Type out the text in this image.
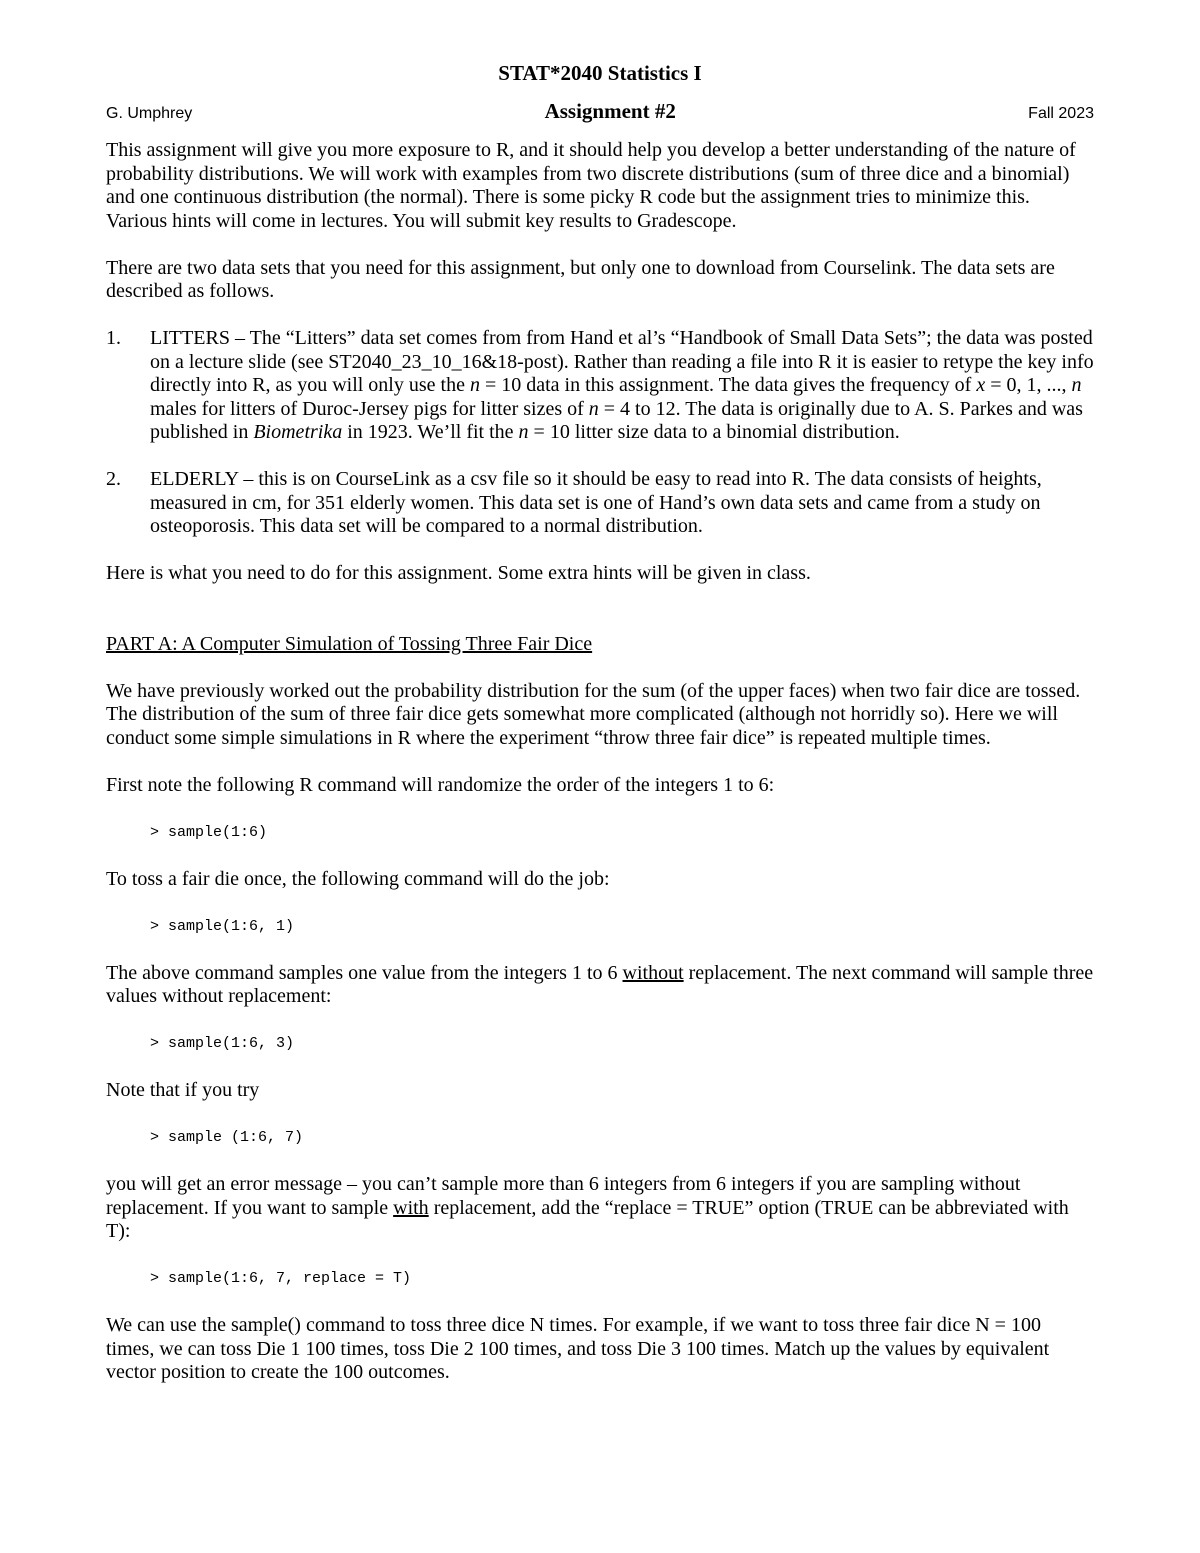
STAT*2040 Statistics I
G. Umphrey	Assignment #2	Fall 2023

This assignment will give you more exposure to R, and it should help you develop a better understanding of the nature of probability distributions. We will work with examples from two discrete distributions (sum of three dice and a binomial) and one continuous distribution (the normal). There is some picky R code but the assignment tries to minimize this. Various hints will come in lectures. You will submit key results to Gradescope.

There are two data sets that you need for this assignment, but only one to download from Courselink. The data sets are described as follows.

1.	LITTERS – The “Litters” data set comes from from Hand et al’s “Handbook of Small Data Sets”; the data was posted on a lecture slide (see ST2040_23_10_16&18-post). Rather than reading a file into R it is easier to retype the key info directly into R, as you will only use the n = 10 data in this assignment. The data gives the frequency of x = 0, 1, ..., n males for litters of Duroc-Jersey pigs for litter sizes of n = 4 to 12. The data is originally due to A. S. Parkes and was published in Biometrika in 1923. We’ll fit the n = 10 litter size data to a binomial distribution.
2.	ELDERLY – this is on CourseLink as a csv file so it should be easy to read into R. The data consists of heights, measured in cm, for 351 elderly women. This data set is one of Hand’s own data sets and came from a study on osteoporosis. This data set will be compared to a normal distribution.

Here is what you need to do for this assignment. Some extra hints will be given in class.

PART A: A Computer Simulation of Tossing Three Fair Dice

We have previously worked out the probability distribution for the sum (of the upper faces) when two fair dice are tossed. The distribution of the sum of three fair dice gets somewhat more complicated (although not horridly so). Here we will conduct some simple simulations in R where the experiment “throw three fair dice” is repeated multiple times.

First note the following R command will randomize the order of the integers 1 to 6:

> sample(1:6)

To toss a fair die once, the following command will do the job:

> sample(1:6, 1)

The above command samples one value from the integers 1 to 6 without replacement. The next command will sample three values without replacement:

> sample(1:6, 3)

Note that if you try

> sample (1:6, 7)

you will get an error message – you can’t sample more than 6 integers from 6 integers if you are sampling without replacement. If you want to sample with replacement, add the “replace = TRUE” option (TRUE can be abbreviated with T):

> sample(1:6, 7, replace = T)

We can use the sample() command to toss three dice N times. For example, if we want to toss three fair dice N = 100 times, we can toss Die 1 100 times, toss Die 2 100 times, and toss Die 3 100 times. Match up the values by equivalent vector position to create the 100 outcomes.
